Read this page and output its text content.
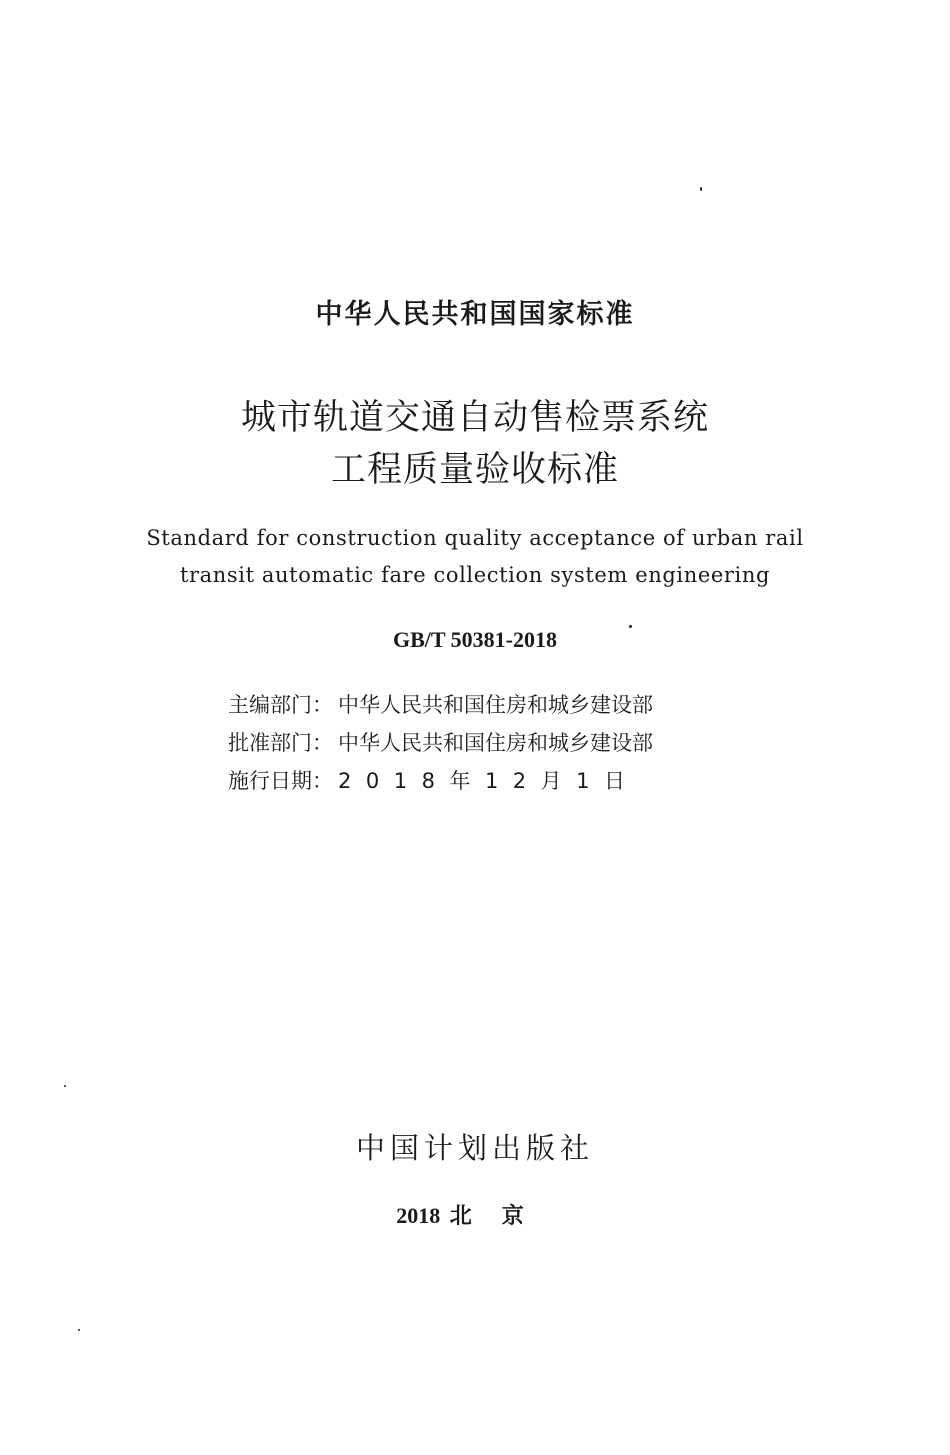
中华人民共和国国家标准
城市轨道交通自动售检票系统
工程质量验收标准
Standard for construction quality acceptance of urban rail
transit automatic fare collection system engineering
GB/T 50381-2018
主编部门： 中华人民共和国住房和城乡建设部
批准部门： 中华人民共和国住房和城乡建设部
施行日期： 2018年12月1日
中国计划出版社
2018 北京
